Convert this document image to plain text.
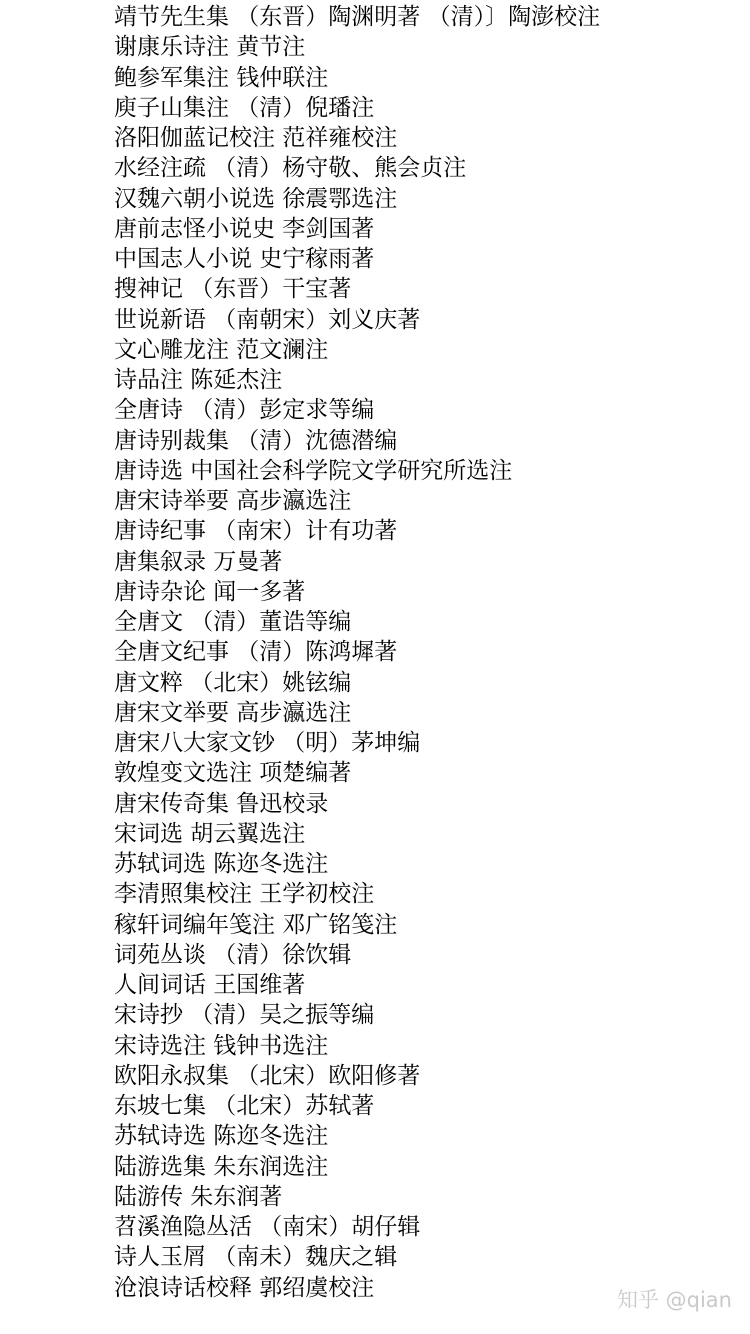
靖节先生集 （东晋）陶渊明著 （清）〕陶澎校注
谢康乐诗注 黄节注
鲍参军集注 钱仲联注
庾子山集注 （清）倪璠注
洛阳伽蓝记校注 范祥雍校注
水经注疏 （清）杨守敬、熊会贞注
汉魏六朝小说选 徐震鄂选注
唐前志怪小说史 李剑国著
中国志人小说 史宁稼雨著
搜神记 （东晋）干宝著
世说新语 （南朝宋）刘义庆著
文心雕龙注 范文澜注
诗品注 陈延杰注
全唐诗 （清）彭定求等编
唐诗别裁集 （清）沈德潜编
唐诗选 中国社会科学院文学研究所选注
唐宋诗举要 高步瀛选注
唐诗纪事 （南宋）计有功著
唐集叙录 万曼著
唐诗杂论 闻一多著
全唐文 （清）董诰等编
全唐文纪事 （清）陈鸿墀著
唐文粹 （北宋）姚铉编
唐宋文举要 高步瀛选注
唐宋八大家文钞 （明）茅坤编
敦煌变文选注 项楚编著
唐宋传奇集 鲁迅校录
宋词选 胡云翼选注
苏轼词选 陈迩冬选注
李清照集校注 王学初校注
稼轩词编年笺注 邓广铭笺注
词苑丛谈 （清）徐饮辑
人间词话 王国维著
宋诗抄 （清）吴之振等编
宋诗选注 钱钟书选注
欧阳永叔集 （北宋）欧阳修著
东坡七集 （北宋）苏轼著
苏轼诗选 陈迩冬选注
陆游选集 朱东润选注
陆游传 朱东润著
苕溪渔隐丛活 （南宋）胡仔辑
诗人玉屑 （南未）魏庆之辑
沧浪诗话校释 郭绍虞校注	知乎 @qian
